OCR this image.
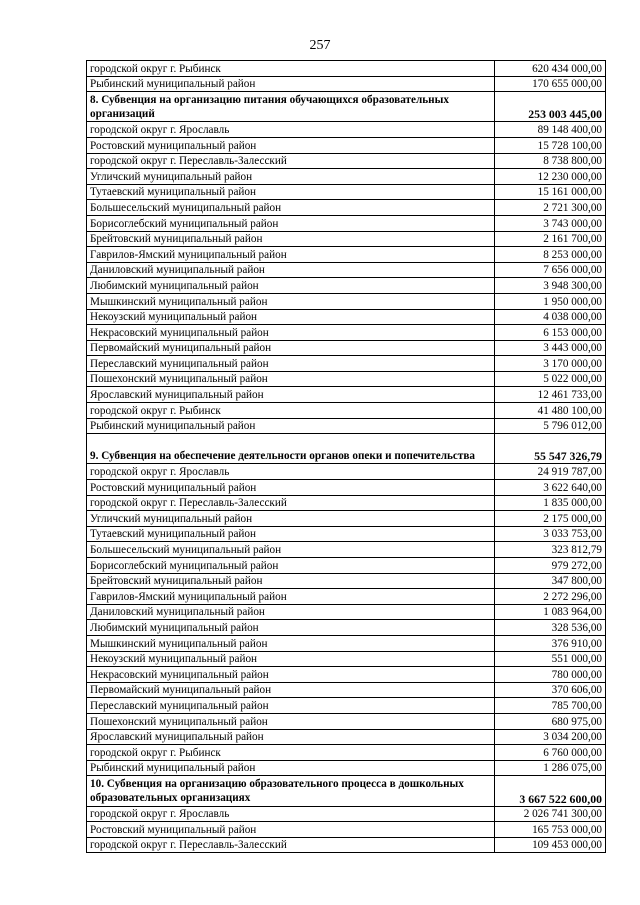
257
городской округ г. Рыбинск	620 434 000,00
Рыбинский муниципальный район	170 655 000,00
8. Субвенция на организацию питания обучающихся образовательных организаций	253 003 445,00
городской округ г. Ярославль	89 148 400,00
Ростовский муниципальный район	15 728 100,00
городской округ г. Переславль-Залесский	8 738 800,00
Угличский муниципальный район	12 230 000,00
Тутаевский муниципальный район	15 161 000,00
Большесельский муниципальный район	2 721 300,00
Борисоглебский муниципальный район	3 743 000,00
Брейтовский муниципальный район	2 161 700,00
Гаврилов-Ямский муниципальный район	8 253 000,00
Даниловский муниципальный район	7 656 000,00
Любимский муниципальный район	3 948 300,00
Мышкинский муниципальный район	1 950 000,00
Некоузский муниципальный район	4 038 000,00
Некрасовский муниципальный район	6 153 000,00
Первомайский муниципальный район	3 443 000,00
Переславский муниципальный район	3 170 000,00
Пошехонский муниципальный район	5 022 000,00
Ярославский муниципальный район	12 461 733,00
городской округ г. Рыбинск	41 480 100,00
Рыбинский муниципальный район	5 796 012,00
9. Субвенция на обеспечение деятельности органов опеки и попечительства	55 547 326,79
городской округ г. Ярославль	24 919 787,00
Ростовский муниципальный район	3 622 640,00
городской округ г. Переславль-Залесский	1 835 000,00
Угличский муниципальный район	2 175 000,00
Тутаевский муниципальный район	3 033 753,00
Большесельский муниципальный район	323 812,79
Борисоглебский муниципальный район	979 272,00
Брейтовский муниципальный район	347 800,00
Гаврилов-Ямский муниципальный район	2 272 296,00
Даниловский муниципальный район	1 083 964,00
Любимский муниципальный район	328 536,00
Мышкинский муниципальный район	376 910,00
Некоузский муниципальный район	551 000,00
Некрасовский муниципальный район	780 000,00
Первомайский муниципальный район	370 606,00
Переславский муниципальный район	785 700,00
Пошехонский муниципальный район	680 975,00
Ярославский муниципальный район	3 034 200,00
городской округ г. Рыбинск	6 760 000,00
Рыбинский муниципальный район	1 286 075,00
10. Субвенция на организацию образовательного процесса в дошкольных образовательных организациях	3 667 522 600,00
городской округ г. Ярославль	2 026 741 300,00
Ростовский муниципальный район	165 753 000,00
городской округ г. Переславль-Залесский	109 453 000,00
